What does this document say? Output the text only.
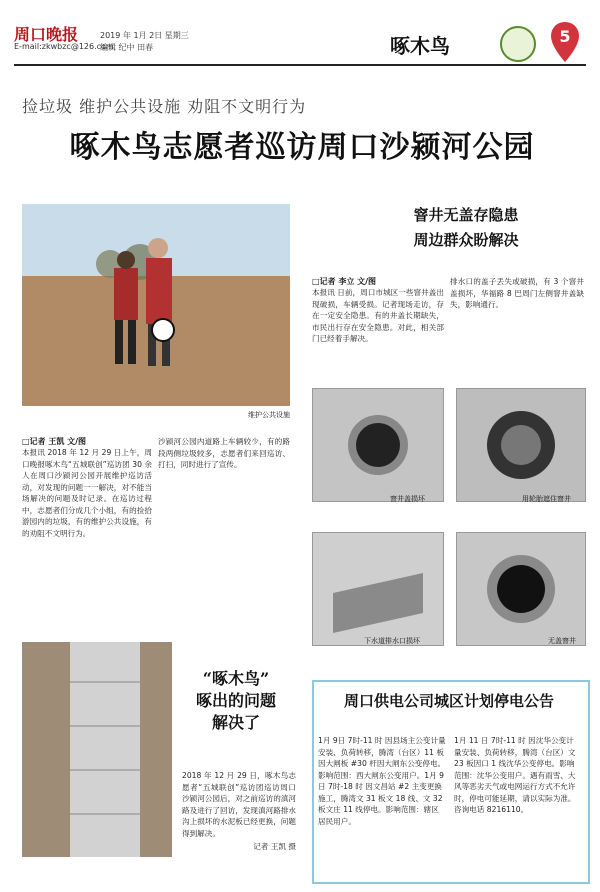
周口晚报	2019 年 1月 2日 星期三
E-mail:zkwbzc@126.com
编辑 纪中 田春	啄木鸟	5
捡垃圾 维护公共设施 劝阻不文明行为
啄木鸟志愿者巡访周口沙颍河公园
维护公共设施
窨井无盖存隐患
周边群众盼解决
□记者 李立 文/图
本报讯 日前，周口市城区一些窨井盖出现破损，车辆受损。记者现场走访，存在一定安全隐患。有的井盖长期缺失，市民出行存在安全隐患。对此，相关部门已经着手解决。
排水口的盖子丢失或破损，有 3 个窨井盖损坏，华福路 8 巴周门左侧窨井盖缺失，影响通行。
窨井盖损坏	用轮胎遮住窨井
下水道排水口损坏	无盖窨井
□记者 王凯 文/图
本报讯 2018 年 12 月 29 日上午，周口晚报啄木鸟“五城联创”巡访团 30 余人在周口沙颍河公园开展维护巡访活动，对发现的问题一一解决，对不能当场解决的问题及时记录。在巡访过程中，志愿者们分成几个小组，有的捡拾游园内的垃圾，有的维护公共设施，有的劝阻不文明行为。
沙颍河公园内道路上车辆较少，有的路段两侧垃圾较多，志愿者们来回巡访、打扫，同时进行了宣传。
“啄木鸟”
啄出的问题
解决了
2018 年 12 月 29 日，啄木鸟志愿者“五城联创”巡访团巡访周口沙颍河公园后，对之前巡访的滇河路及进行了回访，发现滇河路排水沟上损坏的水泥板已经更换，问题得到解决。
记者 王凯 摄
周口供电公司城区计划停电公告
1月 9日 7时-11 时 因县场主公变计量安装、负荷转移，腾湾（台区）11 板因大闸板 #30 杆因大闸东公变停电。影响范围：西大闸东公变用户。1月 9日 7时-18 时 因文昌站 #2 主变更换施工，腾湾文 31 板文 18 线、文 32 板文庄 11 线停电。影响范围：辖区居民用户。
1月 11 日 7时-11 时 因沈华公变计量安装、负荷转移，腾湾（台区）文 23 板因口 1 线沈华公变停电。影响范围：沈华公变用户。遇有雨雪、大风等恶劣天气或电网运行方式不允许时，停电可能延期，请以实际为准。咨询电话 8216110。
